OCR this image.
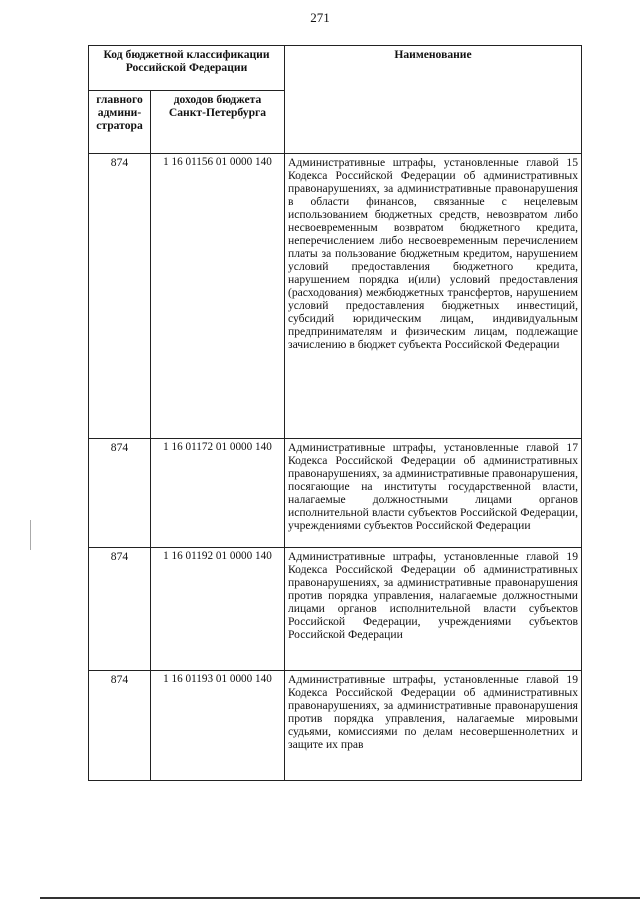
271
Код бюджетной классификации Российской Федерации		Наименование
главного админи-стратора	доходов бюджета Санкт-Петербурга	
874	1 16 01156 01 0000 140	Административные штрафы, установленные главой 15 Кодекса Российской Федерации об административных правонарушениях, за административные правонарушения в области финансов, связанные с нецелевым использованием бюджетных средств, невозвратом либо несвоевременным возвратом бюджетного кредита, неперечислением либо несвоевременным перечислением платы за пользование бюджетным кредитом, нарушением условий предоставления бюджетного кредита, нарушением порядка и(или) условий предоставления (расходования) межбюджетных трансфертов, нарушением условий предоставления бюджетных инвестиций, субсидий юридическим лицам, индивидуальным предпринимателям и физическим лицам, подлежащие зачислению в бюджет субъекта Российской Федерации
874	1 16 01172 01 0000 140	Административные штрафы, установленные главой 17 Кодекса Российской Федерации об административных правонарушениях, за административные правонарушения, посягающие на институты государственной власти, налагаемые должностными лицами органов исполнительной власти субъектов Российской Федерации, учреждениями субъектов Российской Федерации
874	1 16 01192 01 0000 140	Административные штрафы, установленные главой 19 Кодекса Российской Федерации об административных правонарушениях, за административные правонарушения против порядка управления, налагаемые должностными лицами органов исполнительной власти субъектов Российской Федерации, учреждениями субъектов Российской Федерации
874	1 16 01193 01 0000 140	Административные штрафы, установленные главой 19 Кодекса Российской Федерации об административных правонарушениях, за административные правонарушения против порядка управления, налагаемые мировыми судьями, комиссиями по делам несовершеннолетних и защите их прав
